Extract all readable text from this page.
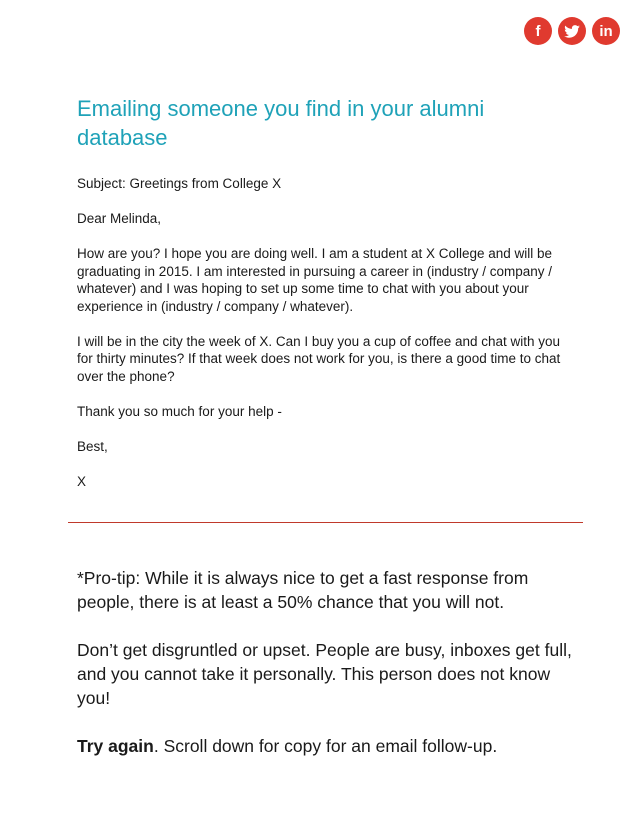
f	in
Emailing someone you find in your alumni database

Subject: Greetings from College X

Dear Melinda,

How are you? I hope you are doing well. I am a student at X College and will be graduating in 2015. I am interested in pursuing a career in (industry / company / whatever) and I was hoping to set up some time to chat with you about your experience in (industry / company / whatever).

I will be in the city the week of X. Can I buy you a cup of coffee and chat with you for thirty minutes? If that week does not work for you, is there a good time to chat over the phone?

Thank you so much for your help -

Best,

X

*Pro-tip: While it is always nice to get a fast response from people, there is at least a 50% chance that you will not.

Don’t get disgruntled or upset. People are busy, inboxes get full, and you cannot take it personally. This person does not know you!

Try again. Scroll down for copy for an email follow-up.
